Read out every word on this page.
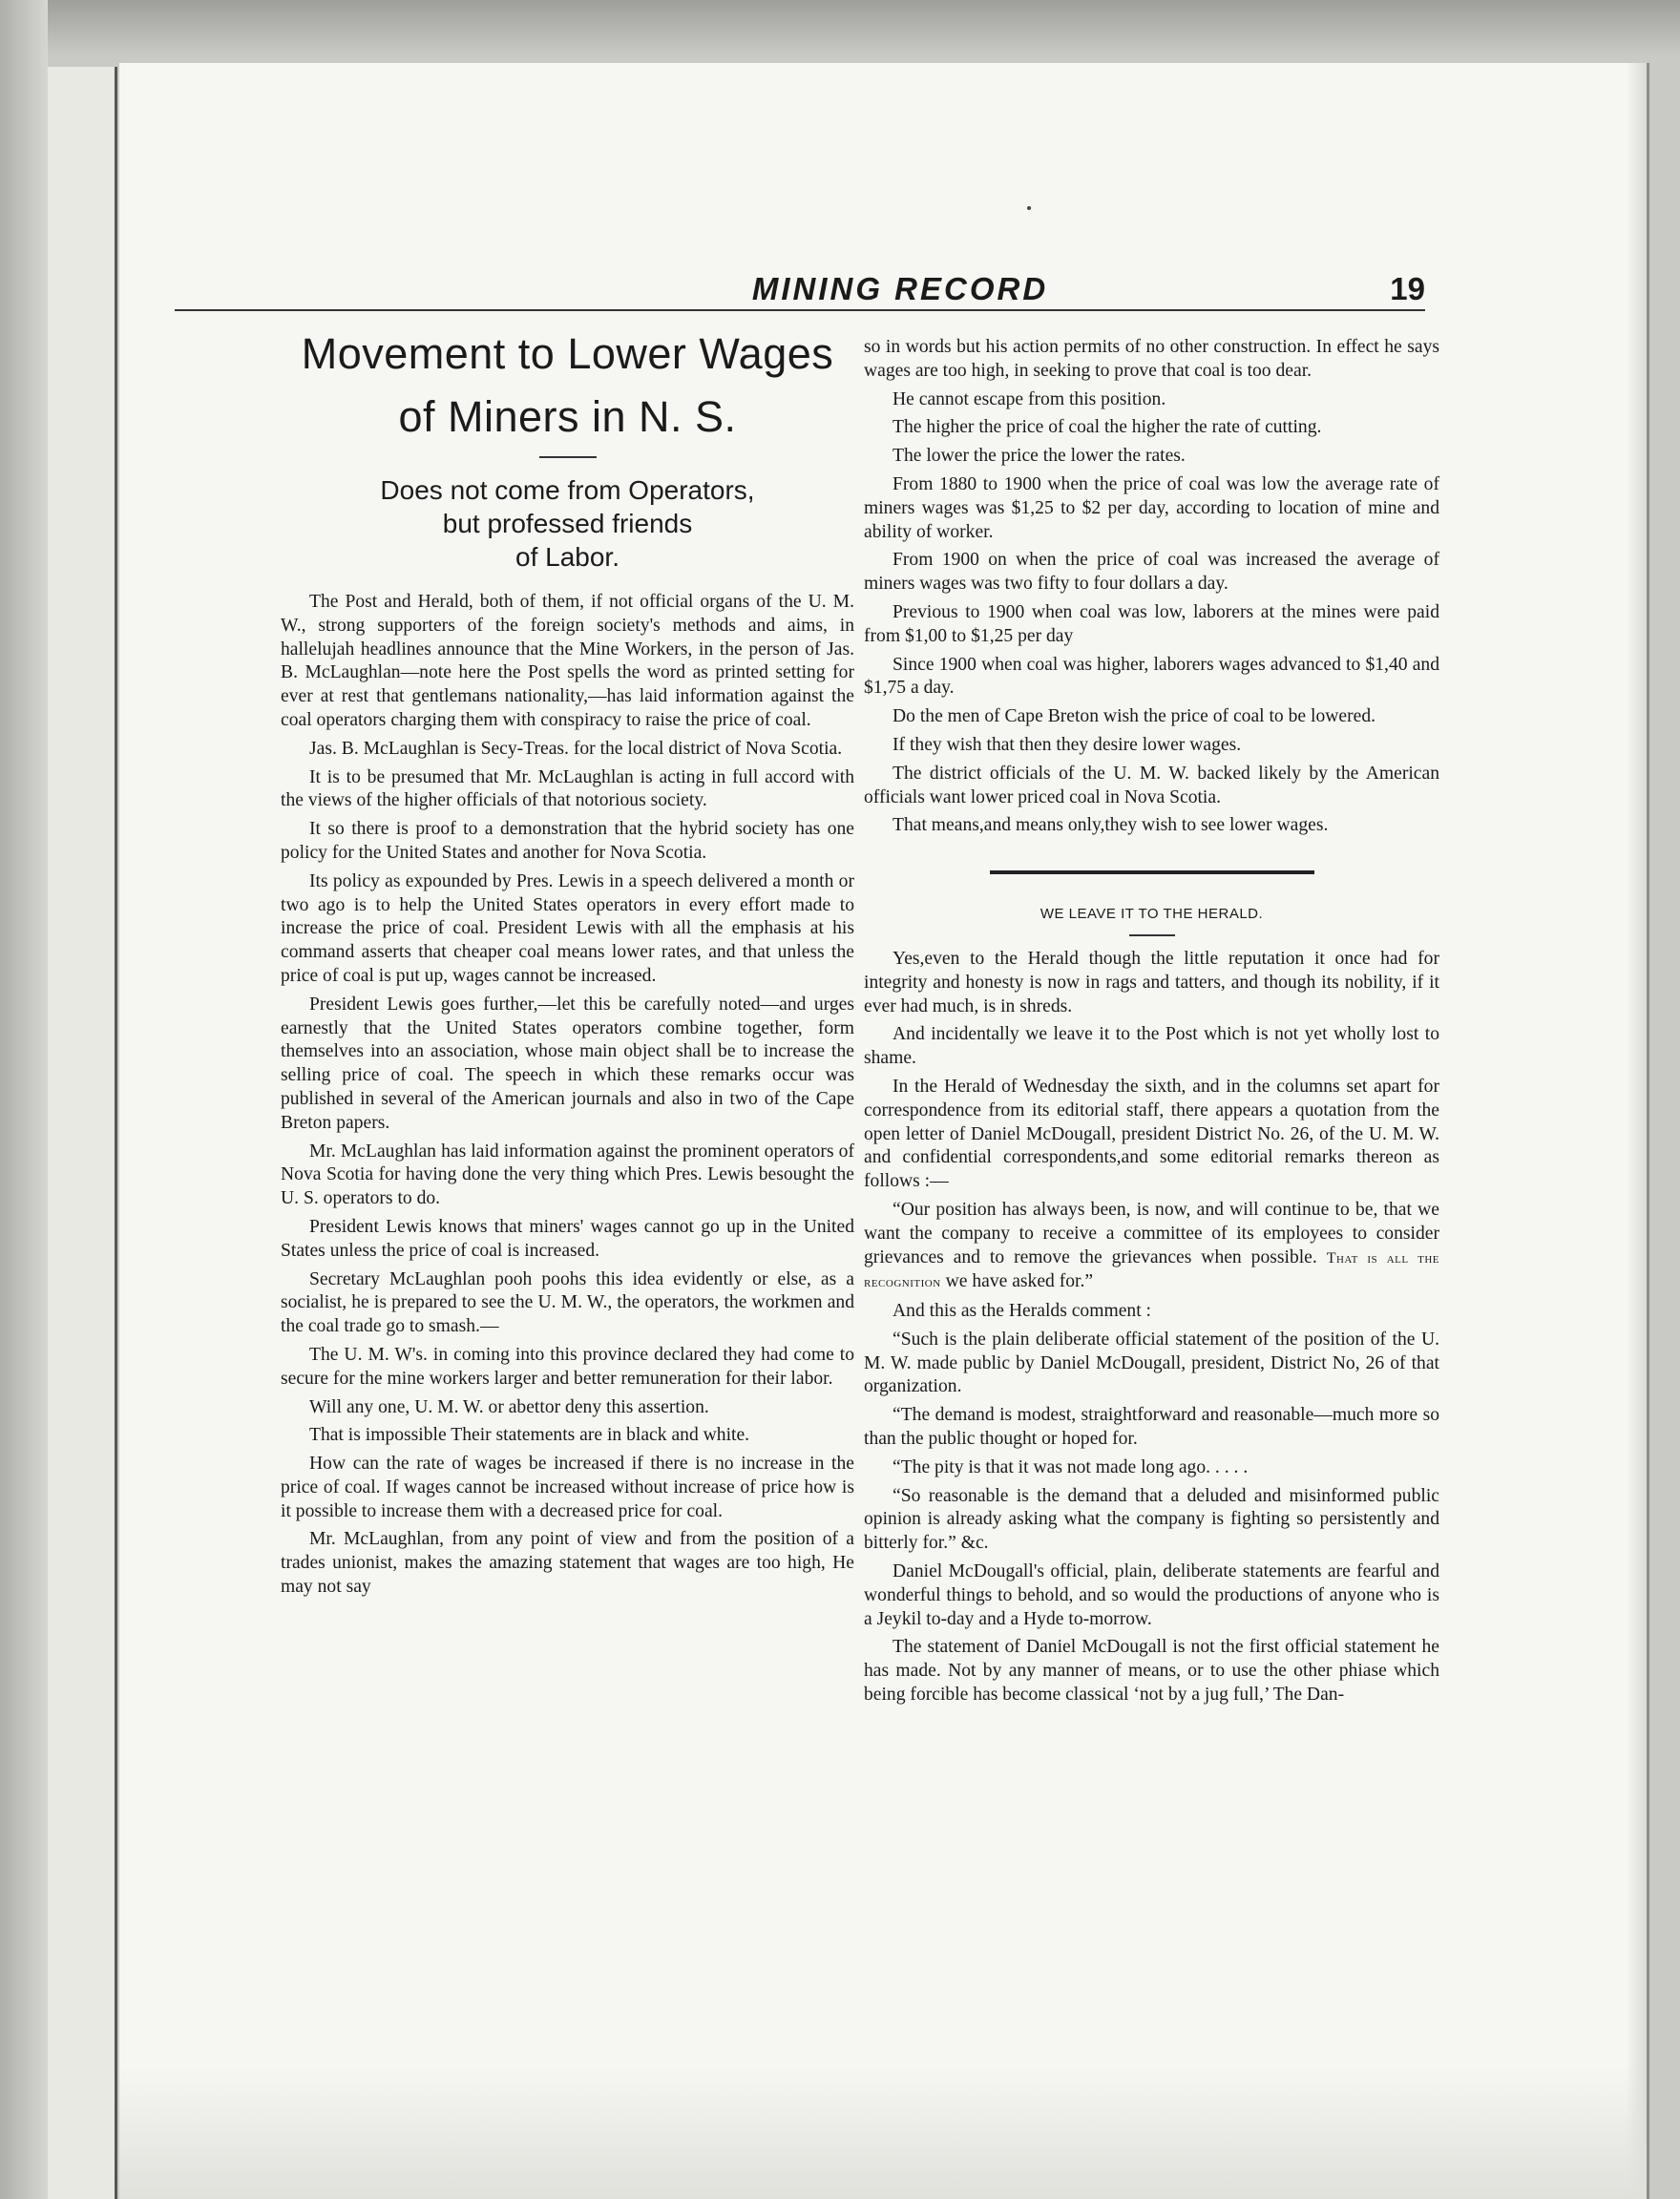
MINING RECORD	19
Movement to Lower Wages
of Miners in N. S.
Does not come from Operators,
but professed friends
of Labor.

The Post and Herald, both of them, if not official organs of the U. M. W., strong supporters of the foreign society's methods and aims, in hallelujah headlines announce that the Mine Workers, in the person of Jas. B. McLaughlan—note here the Post spells the word as printed setting for ever at rest that gentlemans nationality,—has laid information against the coal operators charging them with conspiracy to raise the price of coal.

Jas. B. McLaughlan is Secy-Treas. for the local district of Nova Scotia.

It is to be presumed that Mr. McLaughlan is acting in full accord with the views of the higher officials of that notorious society.

It so there is proof to a demonstration that the hybrid society has one policy for the United States and another for Nova Scotia.

Its policy as expounded by Pres. Lewis in a speech delivered a month or two ago is to help the United States operators in every effort made to increase the price of coal. President Lewis with all the emphasis at his command asserts that cheaper coal means lower rates, and that unless the price of coal is put up, wages cannot be increased.

President Lewis goes further,—let this be carefully noted—and urges earnestly that the United States operators combine together, form themselves into an association, whose main object shall be to increase the selling price of coal. The speech in which these remarks occur was published in several of the American journals and also in two of the Cape Breton papers.

Mr. McLaughlan has laid information against the prominent operators of Nova Scotia for having done the very thing which Pres. Lewis besought the U. S. operators to do.

President Lewis knows that miners' wages cannot go up in the United States unless the price of coal is increased.

Secretary McLaughlan pooh poohs this idea evidently or else, as a socialist, he is prepared to see the U. M. W., the operators, the workmen and the coal trade go to smash.—

The U. M. W's. in coming into this province declared they had come to secure for the mine workers larger and better remuneration for their labor.

Will any one, U. M. W. or abettor deny this assertion.

That is impossible Their statements are in black and white.

How can the rate of wages be increased if there is no increase in the price of coal. If wages cannot be increased without increase of price how is it possible to increase them with a decreased price for coal.

Mr. McLaughlan, from any point of view and from the position of a trades unionist, makes the amazing statement that wages are too high, He may not say

so in words but his action permits of no other construction. In effect he says wages are too high, in seeking to prove that coal is too dear.

He cannot escape from this position.

The higher the price of coal the higher the rate of cutting.

The lower the price the lower the rates.

From 1880 to 1900 when the price of coal was low the average rate of miners wages was $1,25 to $2 per day, according to location of mine and ability of worker.

From 1900 on when the price of coal was increased the average of miners wages was two fifty to four dollars a day.

Previous to 1900 when coal was low, laborers at the mines were paid from $1,00 to $1,25 per day

Since 1900 when coal was higher, laborers wages advanced to $1,40 and $1,75 a day.

Do the men of Cape Breton wish the price of coal to be lowered.

If they wish that then they desire lower wages.

The district officials of the U. M. W. backed likely by the American officials want lower priced coal in Nova Scotia.

That means,and means only,they wish to see lower wages.

WE LEAVE IT TO THE HERALD.

Yes,even to the Herald though the little reputation it once had for integrity and honesty is now in rags and tatters, and though its nobility, if it ever had much, is in shreds.

And incidentally we leave it to the Post which is not yet wholly lost to shame.

In the Herald of Wednesday the sixth, and in the columns set apart for correspondence from its editorial staff, there appears a quotation from the open letter of Daniel McDougall, president District No. 26, of the U. M. W. and confidential correspondents,and some editorial remarks thereon as follows :—

“Our position has always been, is now, and will continue to be, that we want the company to receive a committee of its employees to consider grievances and to remove the grievances when possible. That is all the recognition we have asked for.”

And this as the Heralds comment :

“Such is the plain deliberate official statement of the position of the U. M. W. made public by Daniel McDougall, president, District No, 26 of that organization.

“The demand is modest, straightforward and reasonable—much more so than the public thought or hoped for.

“The pity is that it was not made long ago. . . . .

“So reasonable is the demand that a deluded and misinformed public opinion is already asking what the company is fighting so persistently and bitterly for.” &c.

Daniel McDougall's official, plain, deliberate statements are fearful and wonderful things to behold, and so would the productions of anyone who is a Jeykil to-day and a Hyde to-morrow.

The statement of Daniel McDougall is not the first official statement he has made. Not by any manner of means, or to use the other phiase which being forcible has become classical ‘not by a jug full,’ The Dan-
